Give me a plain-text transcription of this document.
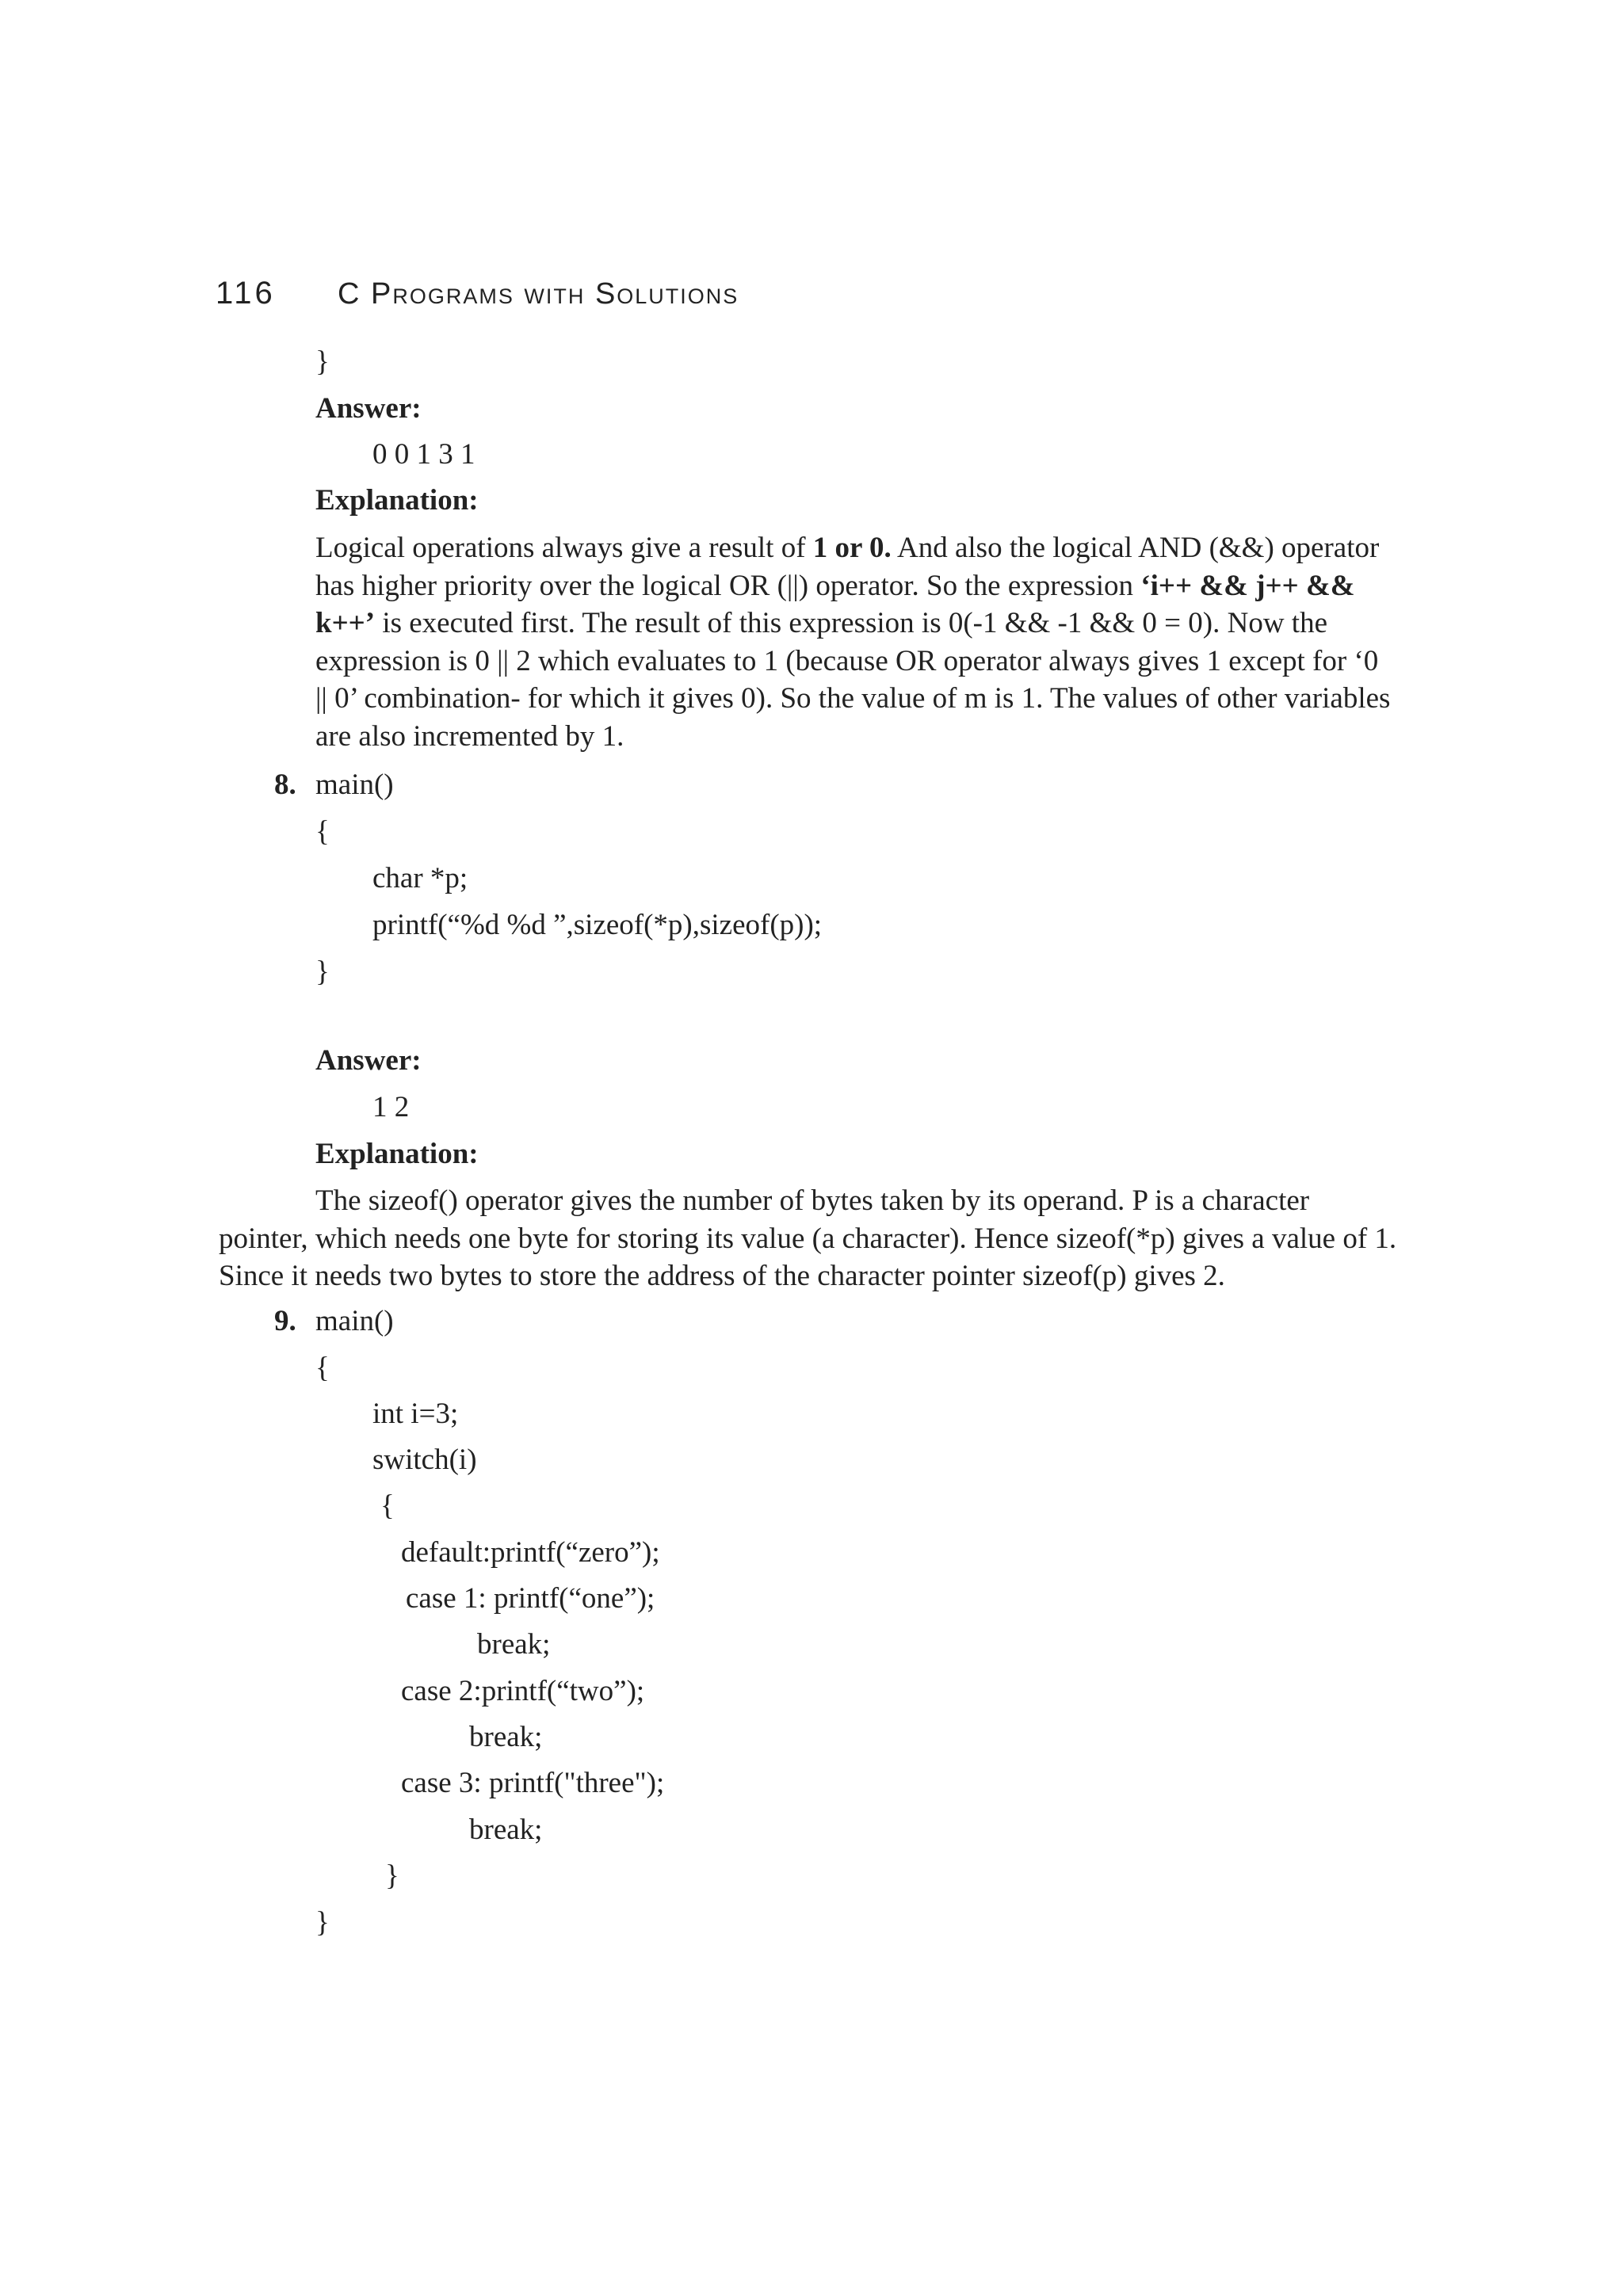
116 C Programs with Solutions
}
Answer:
0 0 1 3 1
Explanation:
Logical operations always give a result of 1 or 0. And also the logical AND (&&) operator
has higher priority over the logical OR (||) operator. So the expression ‘i++ && j++ &&
k++’ is executed first. The result of this expression is 0(-1 && -1 && 0 = 0). Now the
expression is 0 || 2 which evaluates to 1 (because OR operator always gives 1 except for ‘0
|| 0’ combination- for which it gives 0). So the value of m is 1. The values of other variables
are also incremented by 1.
8. main()
{
char *p;
printf(“%d %d ”,sizeof(*p),sizeof(p));
}
Answer:
1 2
Explanation:
The sizeof() operator gives the number of bytes taken by its operand. P is a character
pointer, which needs one byte for storing its value (a character). Hence sizeof(*p) gives a value of 1.
Since it needs two bytes to store the address of the character pointer sizeof(p) gives 2.
9. main()
{
int i=3;
switch(i)
{
default:printf(“zero”);
case 1: printf(“one”);
break;
case 2:printf(“two”);
break;
case 3: printf("three");
break;
}
}
